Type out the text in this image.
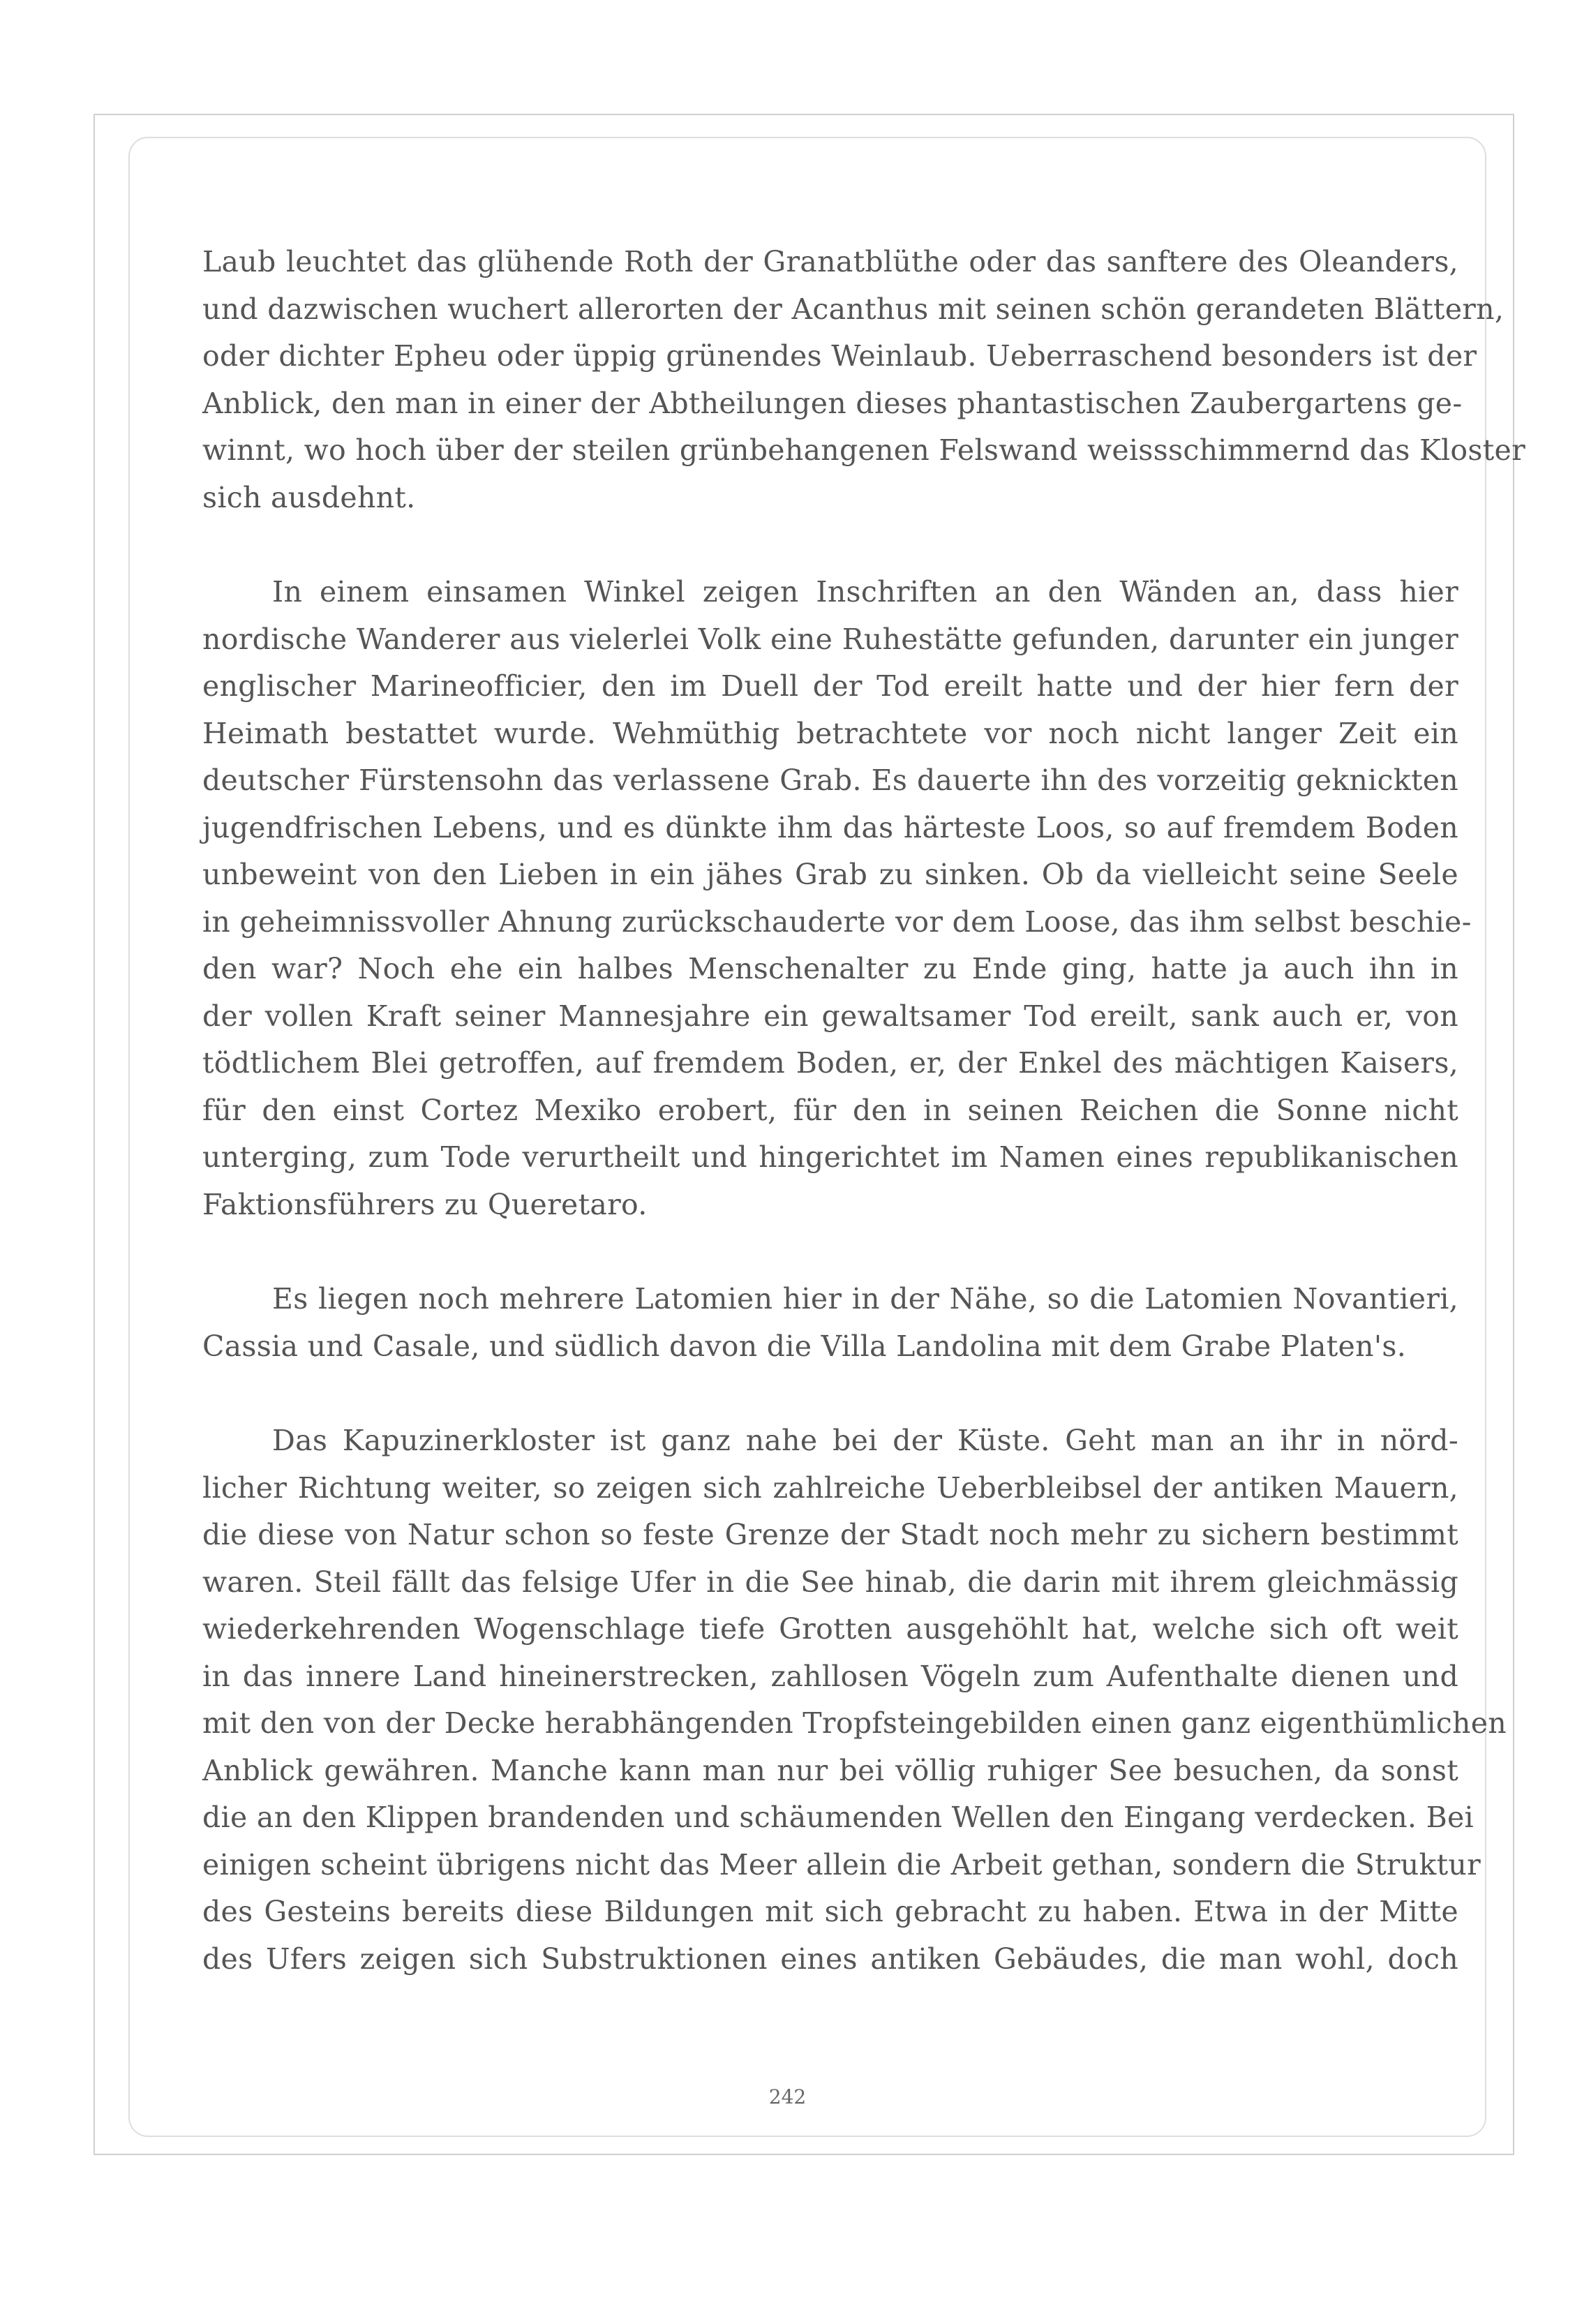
Laub leuchtet das glühende Roth der Granatblüthe oder das sanftere des Oleanders,
und dazwischen wuchert allerorten der Acanthus mit seinen schön gerandeten Blättern,
oder dichter Epheu oder üppig grünendes Weinlaub. Ueberraschend besonders ist der
Anblick, den man in einer der Abtheilungen dieses phantastischen Zaubergartens ge-
winnt, wo hoch über der steilen grünbehangenen Felswand weissschimmernd das Kloster
sich ausdehnt.

In einem einsamen Winkel zeigen Inschriften an den Wänden an, dass hier
nordische Wanderer aus vielerlei Volk eine Ruhestätte gefunden, darunter ein junger
englischer Marineofficier, den im Duell der Tod ereilt hatte und der hier fern der
Heimath bestattet wurde. Wehmüthig betrachtete vor noch nicht langer Zeit ein
deutscher Fürstensohn das verlassene Grab. Es dauerte ihn des vorzeitig geknickten
jugendfrischen Lebens, und es dünkte ihm das härteste Loos, so auf fremdem Boden
unbeweint von den Lieben in ein jähes Grab zu sinken. Ob da vielleicht seine Seele
in geheimnissvoller Ahnung zurückschauderte vor dem Loose, das ihm selbst beschie-
den war? Noch ehe ein halbes Menschenalter zu Ende ging, hatte ja auch ihn in
der vollen Kraft seiner Mannesjahre ein gewaltsamer Tod ereilt, sank auch er, von
tödtlichem Blei getroffen, auf fremdem Boden, er, der Enkel des mächtigen Kaisers,
für den einst Cortez Mexiko erobert, für den in seinen Reichen die Sonne nicht
unterging, zum Tode verurtheilt und hingerichtet im Namen eines republikanischen
Faktionsführers zu Queretaro.

Es liegen noch mehrere Latomien hier in der Nähe, so die Latomien Novantieri,
Cassia und Casale, und südlich davon die Villa Landolina mit dem Grabe Platen's.

Das Kapuzinerkloster ist ganz nahe bei der Küste. Geht man an ihr in nörd-
licher Richtung weiter, so zeigen sich zahlreiche Ueberbleibsel der antiken Mauern,
die diese von Natur schon so feste Grenze der Stadt noch mehr zu sichern bestimmt
waren. Steil fällt das felsige Ufer in die See hinab, die darin mit ihrem gleichmässig
wiederkehrenden Wogenschlage tiefe Grotten ausgehöhlt hat, welche sich oft weit
in das innere Land hineinerstrecken, zahllosen Vögeln zum Aufenthalte dienen und
mit den von der Decke herabhängenden Tropfsteingebilden einen ganz eigenthümlichen
Anblick gewähren. Manche kann man nur bei völlig ruhiger See besuchen, da sonst
die an den Klippen brandenden und schäumenden Wellen den Eingang verdecken. Bei
einigen scheint übrigens nicht das Meer allein die Arbeit gethan, sondern die Struktur
des Gesteins bereits diese Bildungen mit sich gebracht zu haben. Etwa in der Mitte
des Ufers zeigen sich Substruktionen eines antiken Gebäudes, die man wohl, doch

242
